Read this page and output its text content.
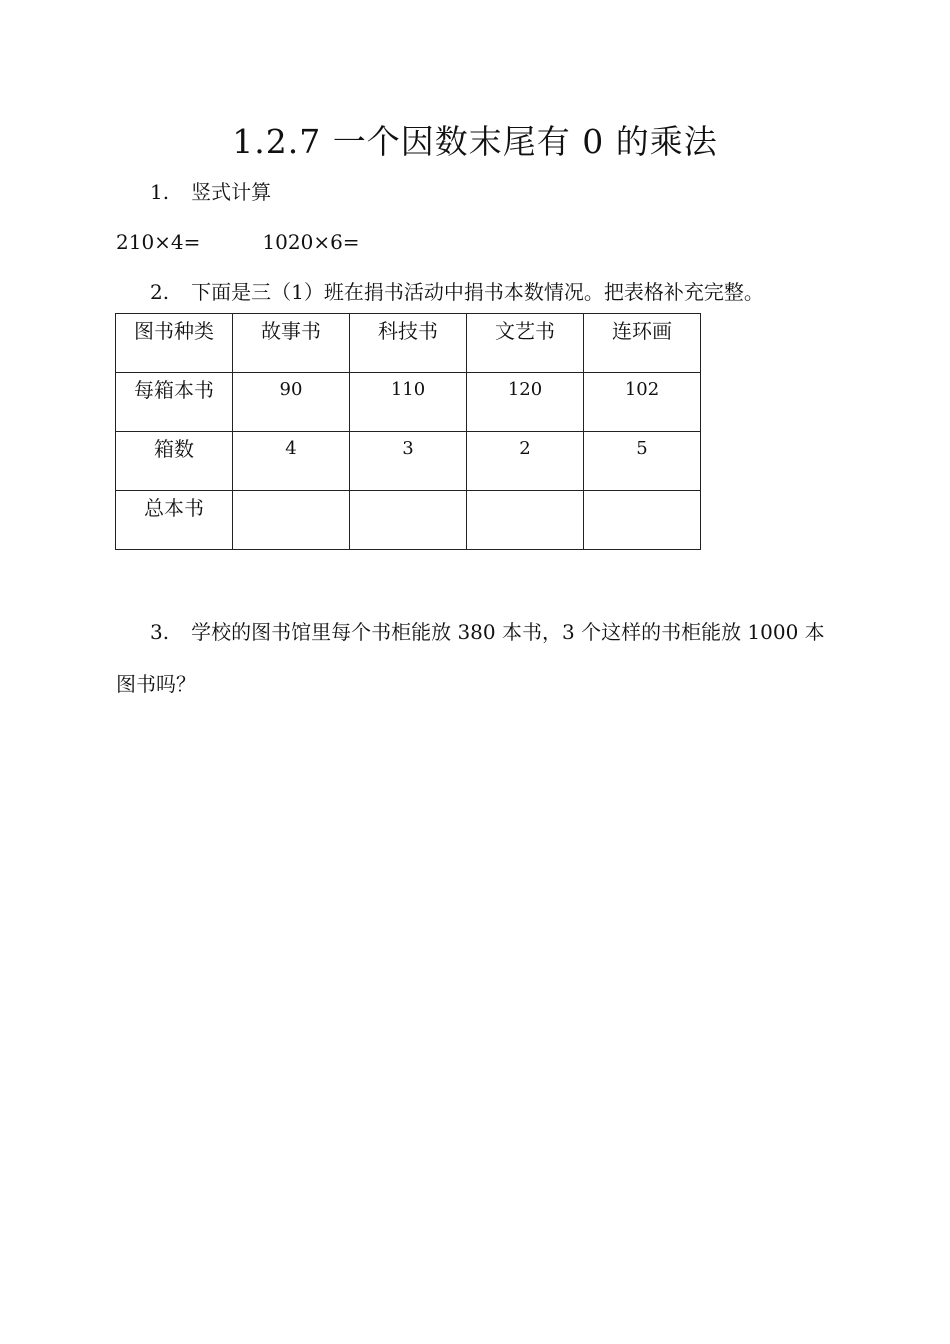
1.2.7 一个因数末尾有 0 的乘法
1. 竖式计算
210×4=	1020×6=
2. 下面是三（1）班在捐书活动中捐书本数情况。把表格补充完整。
图书种类	故事书	科技书	文艺书	连环画
每箱本书	90	110	120	102
箱数	4	3	2	5
总本书				
3. 学校的图书馆里每个书柜能放 380 本书，3 个这样的书柜能放 1000 本
图书吗？
